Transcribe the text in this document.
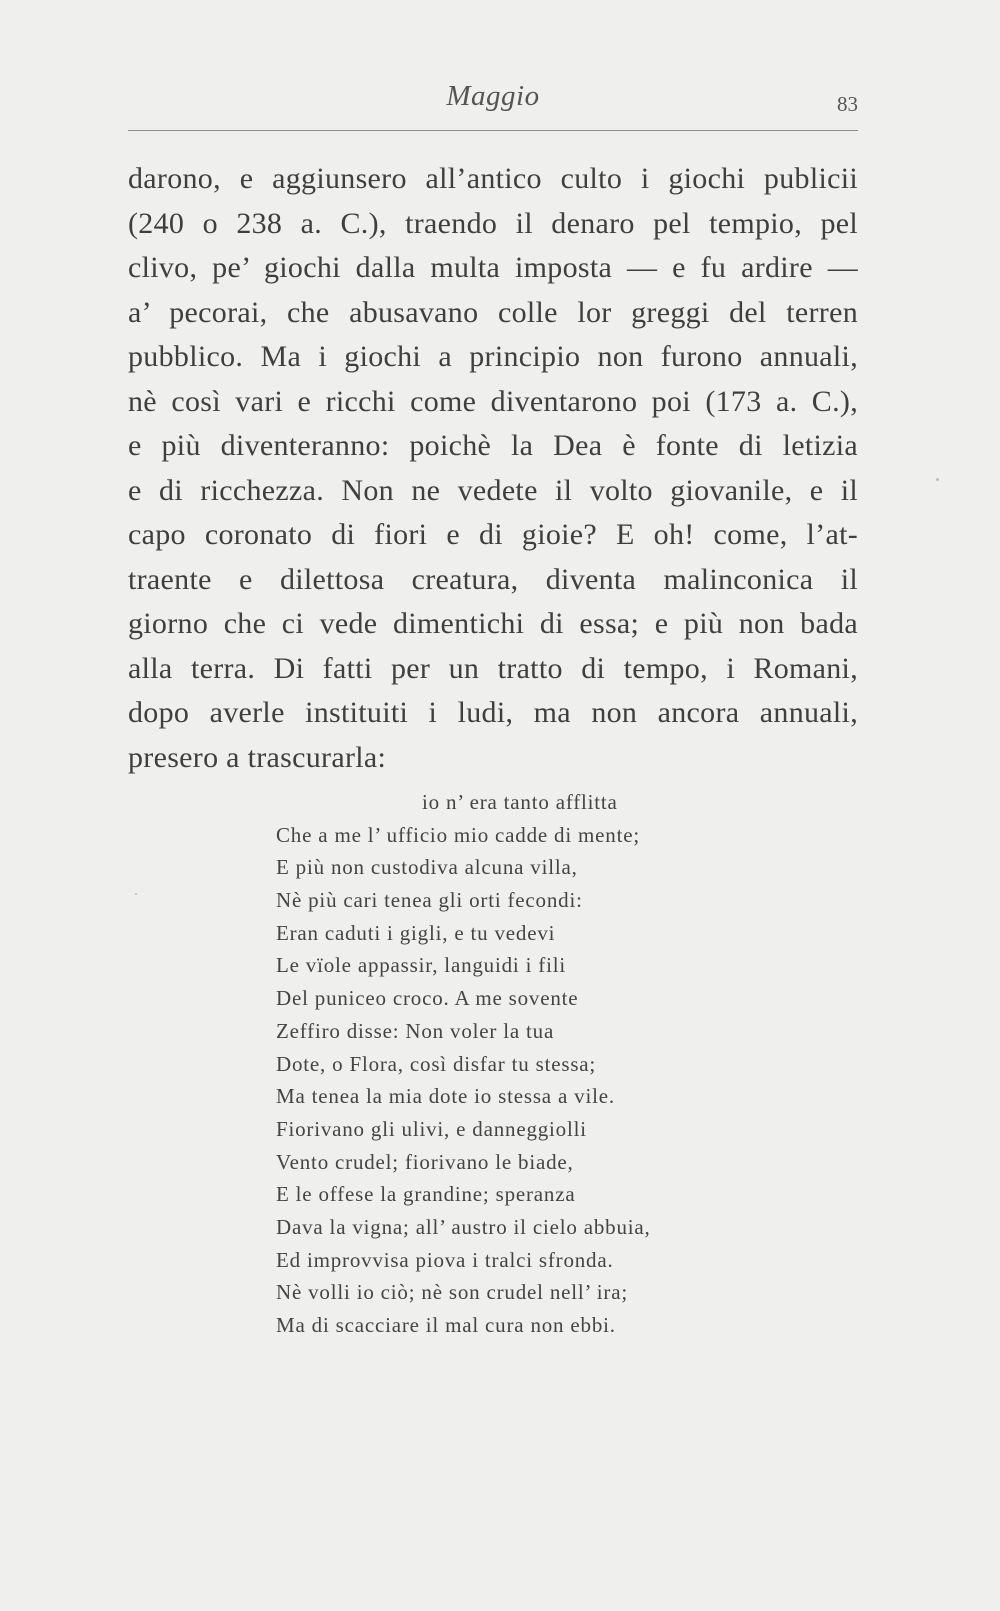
Maggio	83
darono, e aggiunsero all’antico culto i giochi publicii
(240 o 238 a. C.), traendo il denaro pel tempio, pel
clivo, pe’ giochi dalla multa imposta — e fu ardire —
a’ pecorai, che abusavano colle lor greggi del terren
pubblico. Ma i giochi a principio non furono annuali,
nè così vari e ricchi come diventarono poi (173 a. C.),
e più diventeranno: poichè la Dea è fonte di letizia
e di ricchezza. Non ne vedete il volto giovanile, e il
capo coronato di fiori e di gioie? E oh! come, l’at-
traente e dilettosa creatura, diventa malinconica il
giorno che ci vede dimentichi di essa; e più non bada
alla terra. Di fatti per un tratto di tempo, i Romani,
dopo averle instituiti i ludi, ma non ancora annuali,
presero a trascurarla:
io n’ era tanto afflitta
Che a me l’ ufficio mio cadde di mente;
E più non custodiva alcuna villa,
Nè più cari tenea gli orti fecondi:
Eran caduti i gigli, e tu vedevi
Le vïole appassir, languidi i fili
Del puniceo croco. A me sovente
Zeffiro disse: Non voler la tua
Dote, o Flora, così disfar tu stessa;
Ma tenea la mia dote io stessa a vile.
Fiorivano gli ulivi, e danneggiolli
Vento crudel; fiorivano le biade,
E le offese la grandine; speranza
Dava la vigna; all’ austro il cielo abbuia,
Ed improvvisa piova i tralci sfronda.
Nè volli io ciò; nè son crudel nell’ ira;
Ma di scacciare il mal cura non ebbi.
